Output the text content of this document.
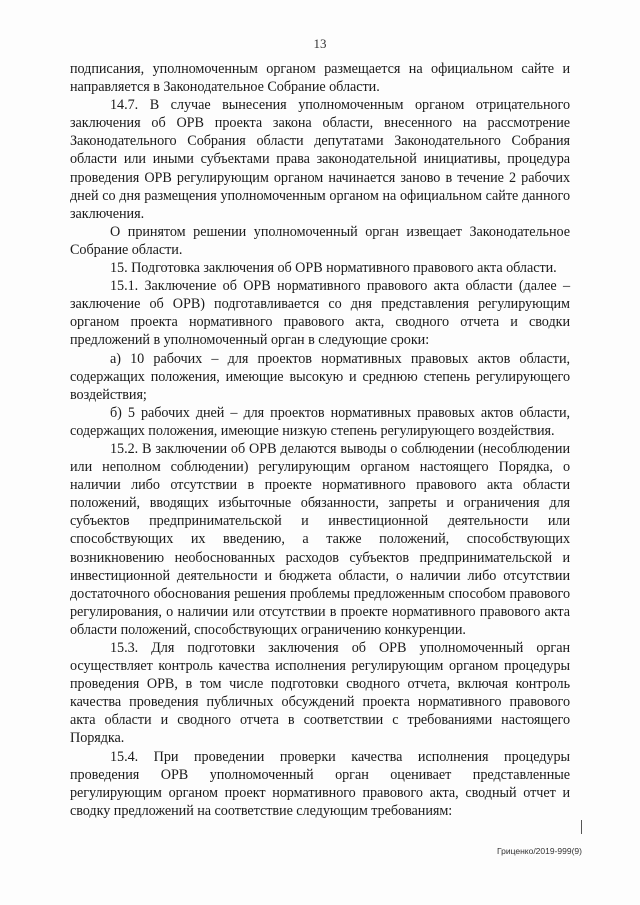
13

подписания, уполномоченным органом размещается на официальном сайте и направляется в Законодательное Собрание области.

14.7. В случае вынесения уполномоченным органом отрицательного заключения об ОРВ проекта закона области, внесенного на рассмотрение Законодательного Собрания области депутатами Законодательного Собрания области или иными субъектами права законодательной инициативы, процедура проведения ОРВ регулирующим органом начинается заново в течение 2 рабочих дней со дня размещения уполномоченным органом на официальном сайте данного заключения.

О принятом решении уполномоченный орган извещает Законодательное Собрание области.

15. Подготовка заключения об ОРВ нормативного правового акта области.

15.1. Заключение об ОРВ нормативного правового акта области (далее – заключение об ОРВ) подготавливается со дня представления регулирующим органом проекта нормативного правового акта, сводного отчета и сводки предложений в уполномоченный орган в следующие сроки:

а) 10 рабочих – для проектов нормативных правовых актов области, содержащих положения, имеющие высокую и среднюю степень регулирующего воздействия;

б) 5 рабочих дней – для проектов нормативных правовых актов области, содержащих положения, имеющие низкую степень регулирующего воздействия.

15.2. В заключении об ОРВ делаются выводы о соблюдении (несоблюдении или неполном соблюдении) регулирующим органом настоящего Порядка, о наличии либо отсутствии в проекте нормативного правового акта области положений, вводящих избыточные обязанности, запреты и ограничения для субъектов предпринимательской и инвестиционной деятельности или способствующих их введению, а также положений, способствующих возникновению необоснованных расходов субъектов предпринимательской и инвестиционной деятельности и бюджета области, о наличии либо отсутствии достаточного обоснования решения проблемы предложенным способом правового регулирования, о наличии или отсутствии в проекте нормативного правового акта области положений, способствующих ограничению конкуренции.

15.3. Для подготовки заключения об ОРВ уполномоченный орган осуществляет контроль качества исполнения регулирующим органом процедуры проведения ОРВ, в том числе подготовки сводного отчета, включая контроль качества проведения публичных обсуждений проекта нормативного правового акта области и сводного отчета в соответствии с требованиями настоящего Порядка.

15.4. При проведении проверки качества исполнения процедуры проведения ОРВ уполномоченный орган оценивает представленные регулирующим органом проект нормативного правового акта, сводный отчет и сводку предложений на соответствие следующим требованиям:

Гриценко/2019-999(9)
